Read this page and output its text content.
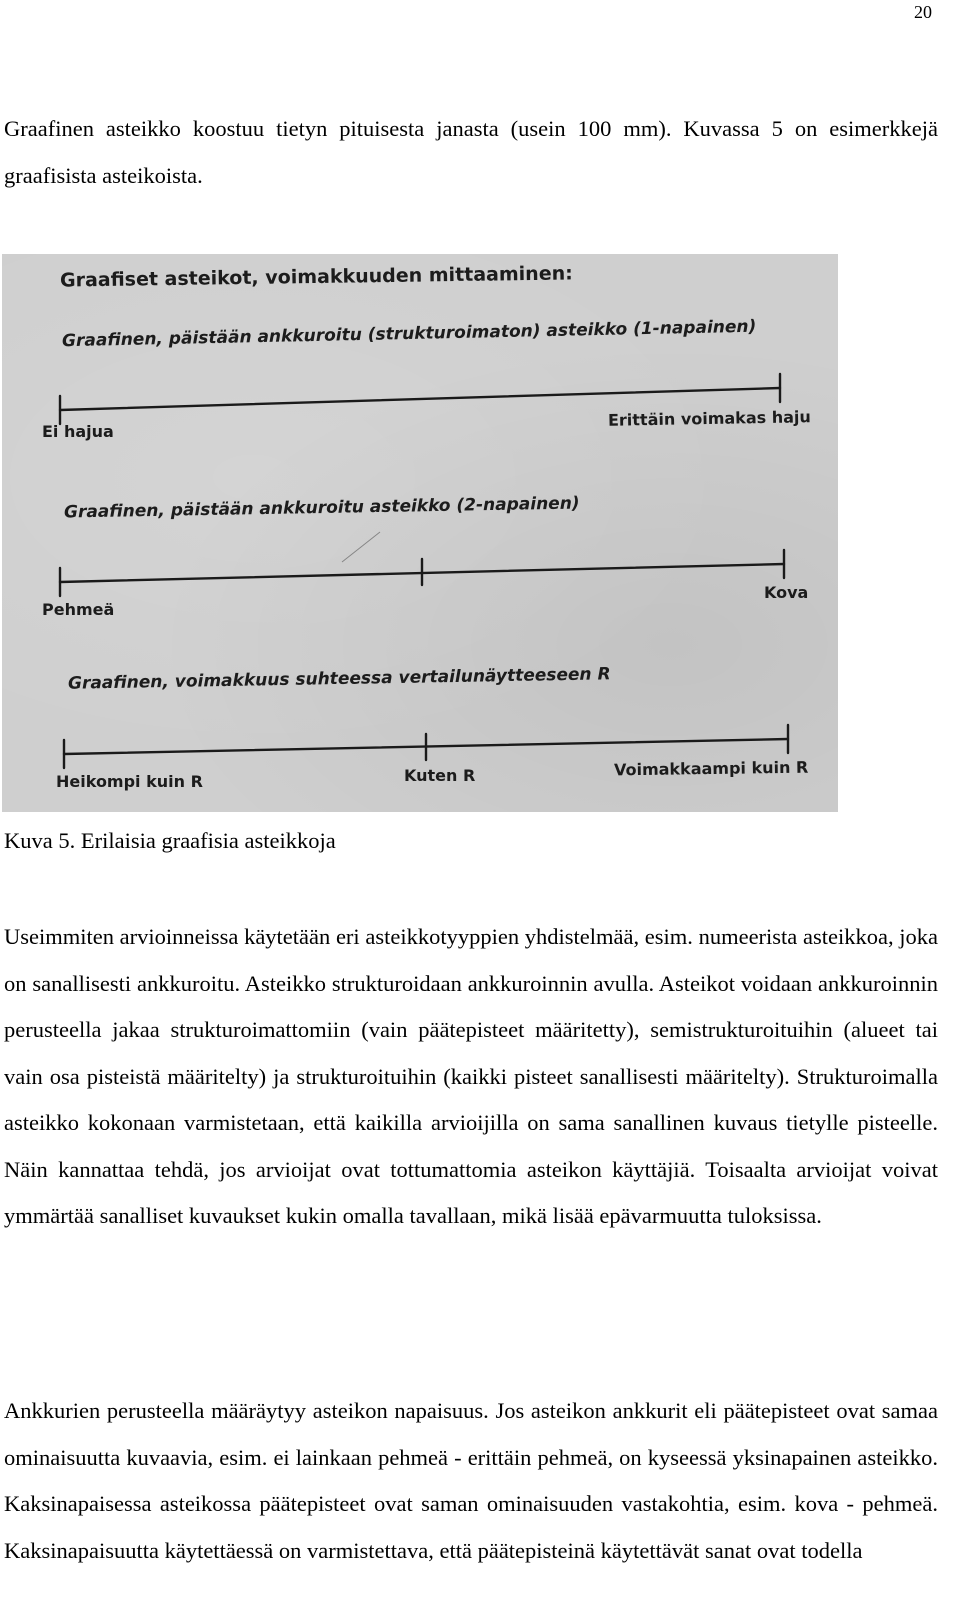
20

Graafinen asteikko koostuu tietyn pituisesta janasta (usein 100 mm). Kuvassa 5 on esimerkkejä graafisista asteikoista.

Graafiset asteikot, voimakkuuden mittaaminen:
Graafinen, päistään ankkuroitu (strukturoimaton) asteikko (1-napainen)
Ei hajua
Erittäin voimakas haju
Graafinen, päistään ankkuroitu asteikko (2-napainen)
Pehmeä
Kova
Graafinen, voimakkuus suhteessa vertailunäytteeseen R
Heikompi kuin R	Kuten R	Voimakkaampi kuin R
Kuva 5. Erilaisia graafisia asteikkoja

Useimmiten arvioinneissa käytetään eri asteikkotyyppien yhdistelmää, esim. numeerista asteikkoa, joka on sanallisesti ankkuroitu. Asteikko strukturoidaan ankkuroinnin avulla. Asteikot voidaan ankkuroinnin perusteella jakaa strukturoimattomiin (vain päätepisteet määritetty), semistrukturoituihin (alueet tai vain osa pisteistä määritelty) ja strukturoituihin (kaikki pisteet sanallisesti määritelty). Strukturoimalla asteikko kokonaan varmistetaan, että kaikilla arvioijilla on sama sanallinen kuvaus tietylle pisteelle. Näin kannattaa tehdä, jos arvioijat ovat tottumattomia asteikon käyttäjiä. Toisaalta arvioijat voivat ymmärtää sanalliset kuvaukset kukin omalla tavallaan, mikä lisää epävarmuutta tuloksissa.

Ankkurien perusteella määräytyy asteikon napaisuus. Jos asteikon ankkurit eli päätepisteet ovat samaa ominaisuutta kuvaavia, esim. ei lainkaan pehmeä - erittäin pehmeä, on kyseessä yksinapainen asteikko. Kaksinapaisessa asteikossa päätepisteet ovat saman ominaisuuden vastakohtia, esim. kova - pehmeä. Kaksinapaisuutta käytettäessä on varmistettava, että päätepisteinä käytettävät sanat ovat todella
